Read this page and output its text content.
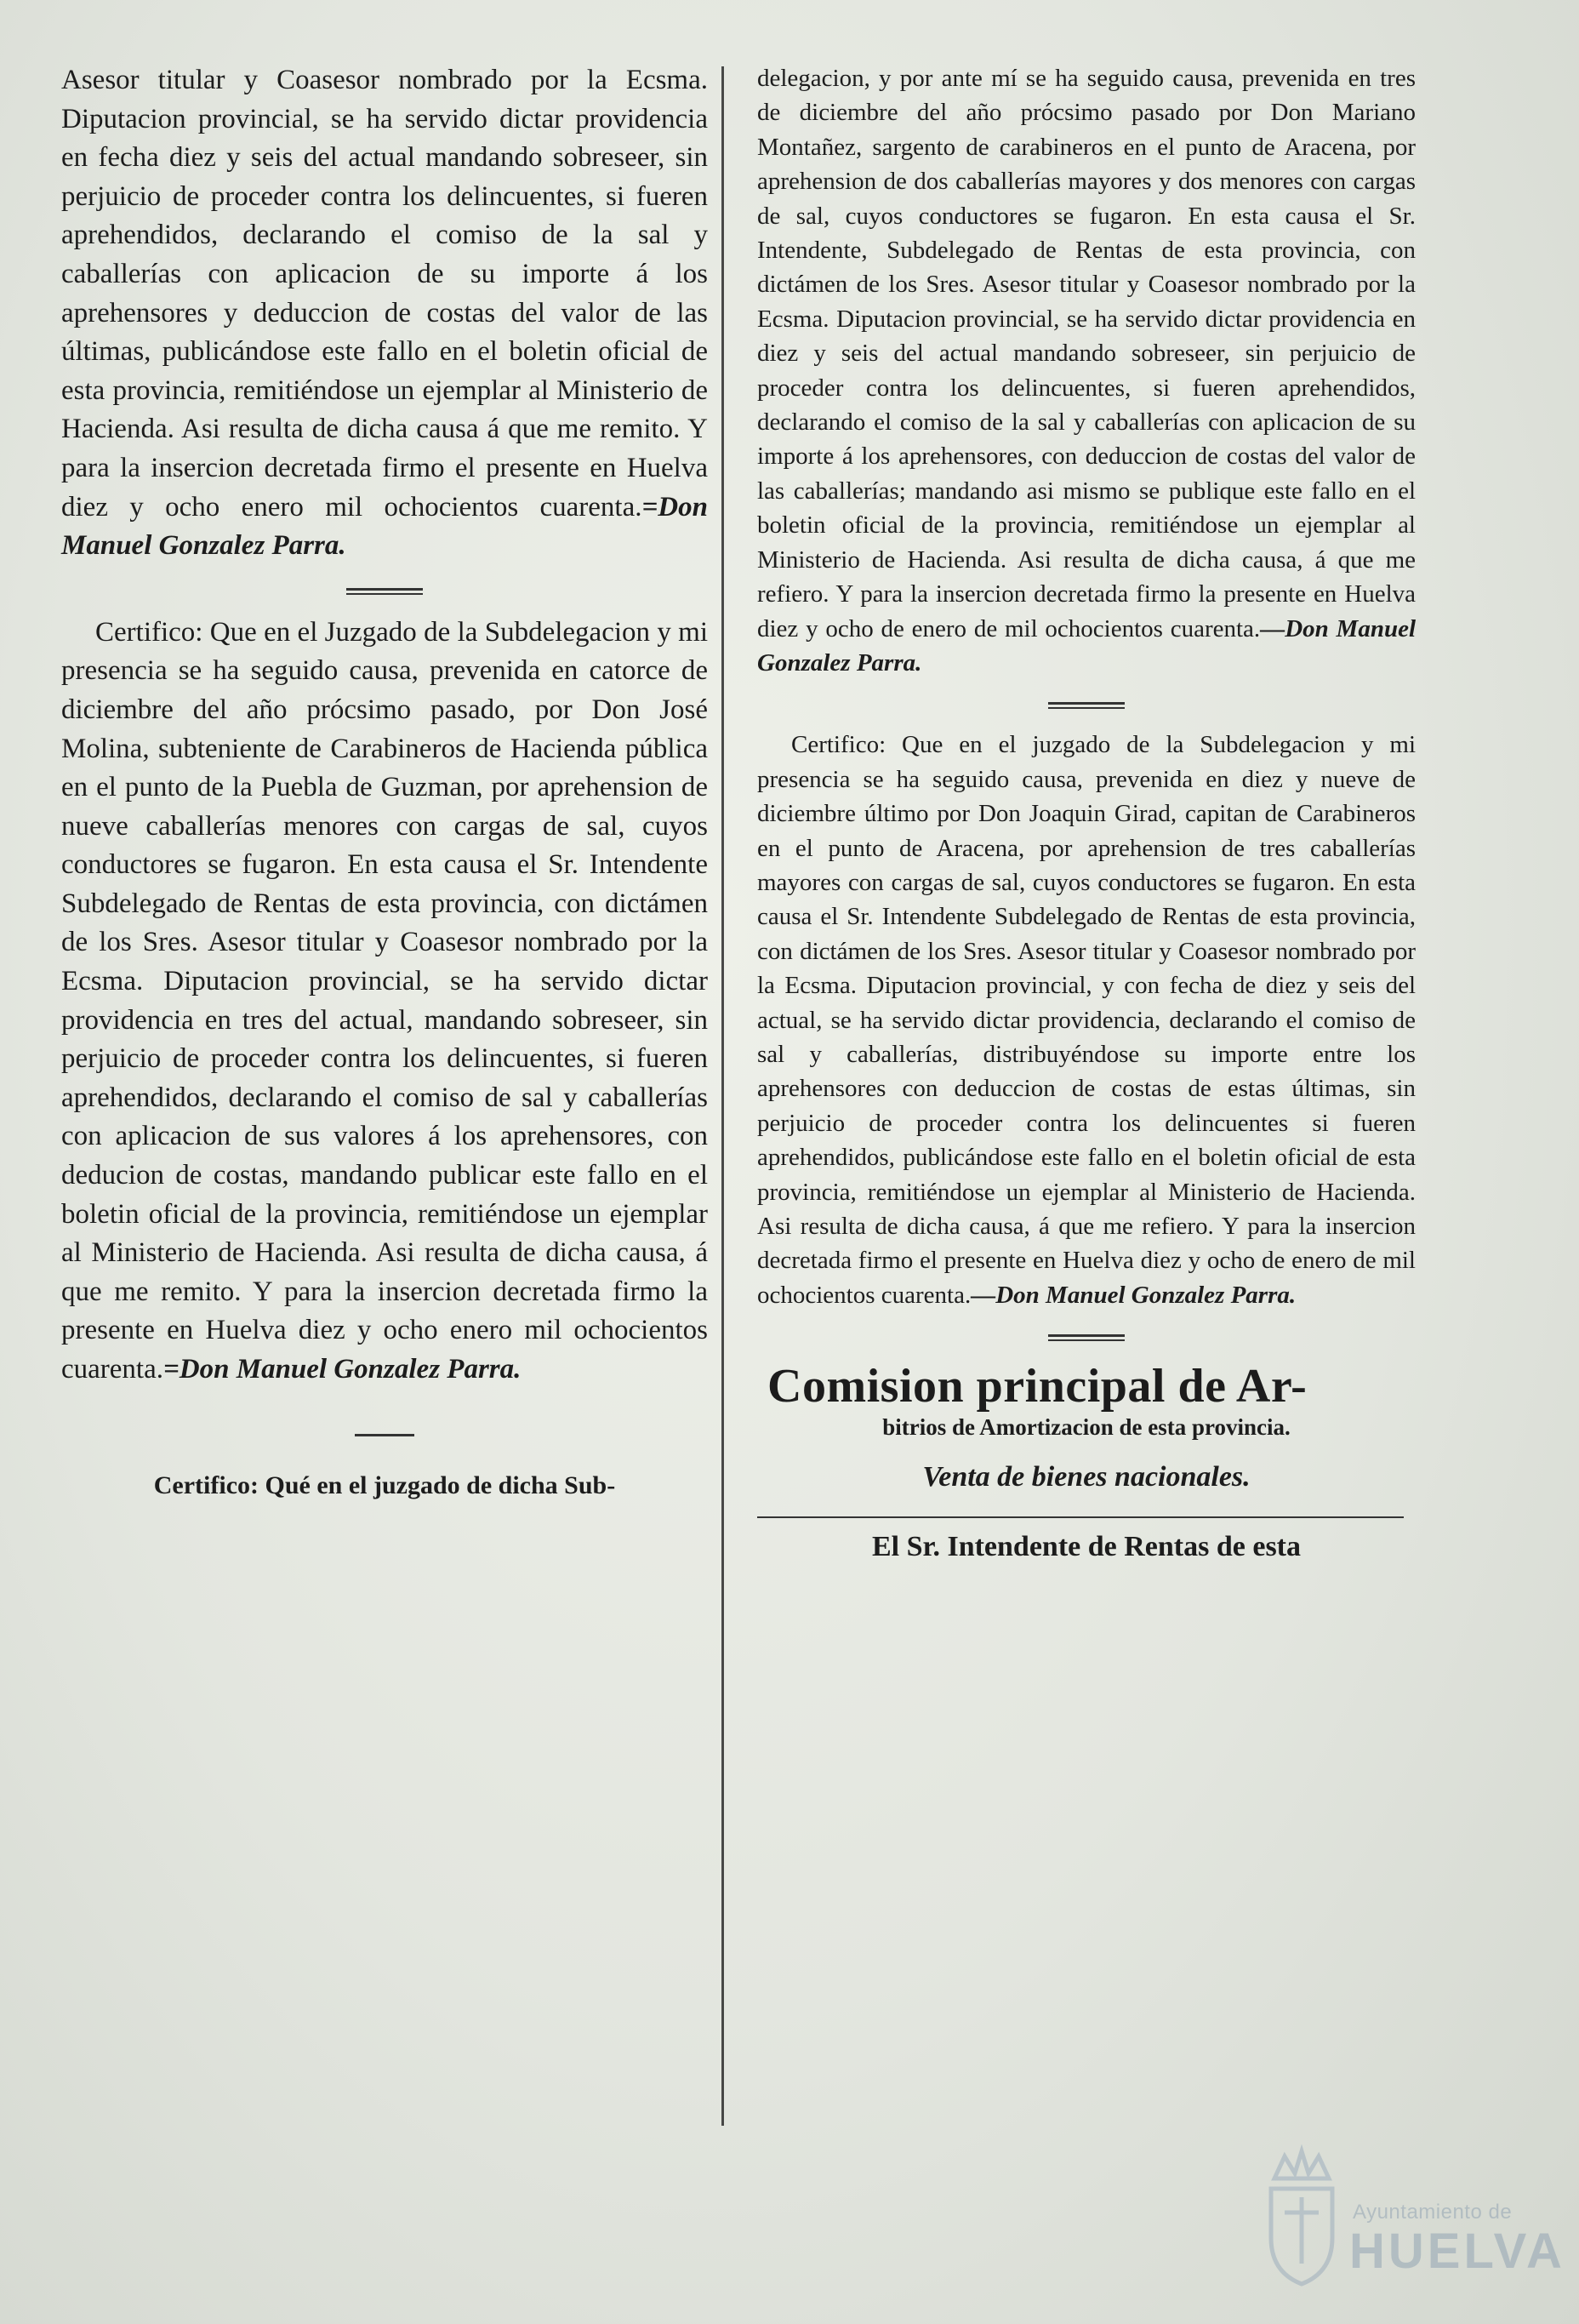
Asesor titular y Coasesor nombrado por la Ecsma. Diputacion provincial, se ha servido dictar providencia en fecha diez y seis del actual mandando sobreseer, sin perjuicio de proceder contra los delincuentes, si fueren aprehendidos, declarando el comiso de la sal y caballerías con aplicacion de su importe á los aprehensores y deduccion de costas del valor de las últimas, publicándose este fallo en el boletin oficial de esta provincia, remitiéndose un ejemplar al Ministerio de Hacienda. Asi resulta de dicha causa á que me remito. Y para la insercion decretada firmo el presente en Huelva diez y ocho enero mil ochocientos cuarenta.=Don Manuel Gonzalez Parra.

Certifico: Que en el Juzgado de la Subdelegacion y mi presencia se ha seguido causa, prevenida en catorce de diciembre del año prócsimo pasado, por Don José Molina, subteniente de Carabineros de Hacienda pública en el punto de la Puebla de Guzman, por aprehension de nueve caballerías menores con cargas de sal, cuyos conductores se fugaron. En esta causa el Sr. Intendente Subdelegado de Rentas de esta provincia, con dictámen de los Sres. Asesor titular y Coasesor nombrado por la Ecsma. Diputacion provincial, se ha servido dictar providencia en tres del actual, mandando sobreseer, sin perjuicio de proceder contra los delincuentes, si fueren aprehendidos, declarando el comiso de sal y caballerías con aplicacion de sus valores á los aprehensores, con deducion de costas, mandando publicar este fallo en el boletin oficial de la provincia, remitiéndose un ejemplar al Ministerio de Hacienda. Asi resulta de dicha causa, á que me remito. Y para la insercion decretada firmo la presente en Huelva diez y ocho enero mil ochocientos cuarenta.=Don Manuel Gonzalez Parra.

Certifico: Qué en el juzgado de dicha Sub-

delegacion, y por ante mí se ha seguido causa, prevenida en tres de diciembre del año prócsimo pasado por Don Mariano Montañez, sargento de carabineros en el punto de Aracena, por aprehension de dos caballerías mayores y dos menores con cargas de sal, cuyos conductores se fugaron. En esta causa el Sr. Intendente, Subdelegado de Rentas de esta provincia, con dictámen de los Sres. Asesor titular y Coasesor nombrado por la Ecsma. Diputacion provincial, se ha servido dictar providencia en diez y seis del actual mandando sobreseer, sin perjuicio de proceder contra los delincuentes, si fueren aprehendidos, declarando el comiso de la sal y caballerías con aplicacion de su importe á los aprehensores, con deduccion de costas del valor de las caballerías; mandando asi mismo se publique este fallo en el boletin oficial de la provincia, remitiéndose un ejemplar al Ministerio de Hacienda. Asi resulta de dicha causa, á que me refiero. Y para la insercion decretada firmo la presente en Huelva diez y ocho de enero de mil ochocientos cuarenta.—Don Manuel Gonzalez Parra.

Certifico: Que en el juzgado de la Subdelegacion y mi presencia se ha seguido causa, prevenida en diez y nueve de diciembre último por Don Joaquin Girad, capitan de Carabineros en el punto de Aracena, por aprehension de tres caballerías mayores con cargas de sal, cuyos conductores se fugaron. En esta causa el Sr. Intendente Subdelegado de Rentas de esta provincia, con dictámen de los Sres. Asesor titular y Coasesor nombrado por la Ecsma. Diputacion provincial, y con fecha de diez y seis del actual, se ha servido dictar providencia, declarando el comiso de sal y caballerías, distribuyéndose su importe entre los aprehensores con deduccion de costas de estas últimas, sin perjuicio de proceder contra los delincuentes si fueren aprehendidos, publicándose este fallo en el boletin oficial de esta provincia, remitiéndose un ejemplar al Ministerio de Hacienda. Asi resulta de dicha causa, á que me refiero. Y para la insercion decretada firmo el presente en Huelva diez y ocho de enero de mil ochocientos cuarenta.—Don Manuel Gonzalez Parra.

Comision principal de Ar-
bitrios de Amortizacion de esta provincia.
Venta de bienes nacionales.
El Sr. Intendente de Rentas de esta
Ayuntamiento de
HUELVA
